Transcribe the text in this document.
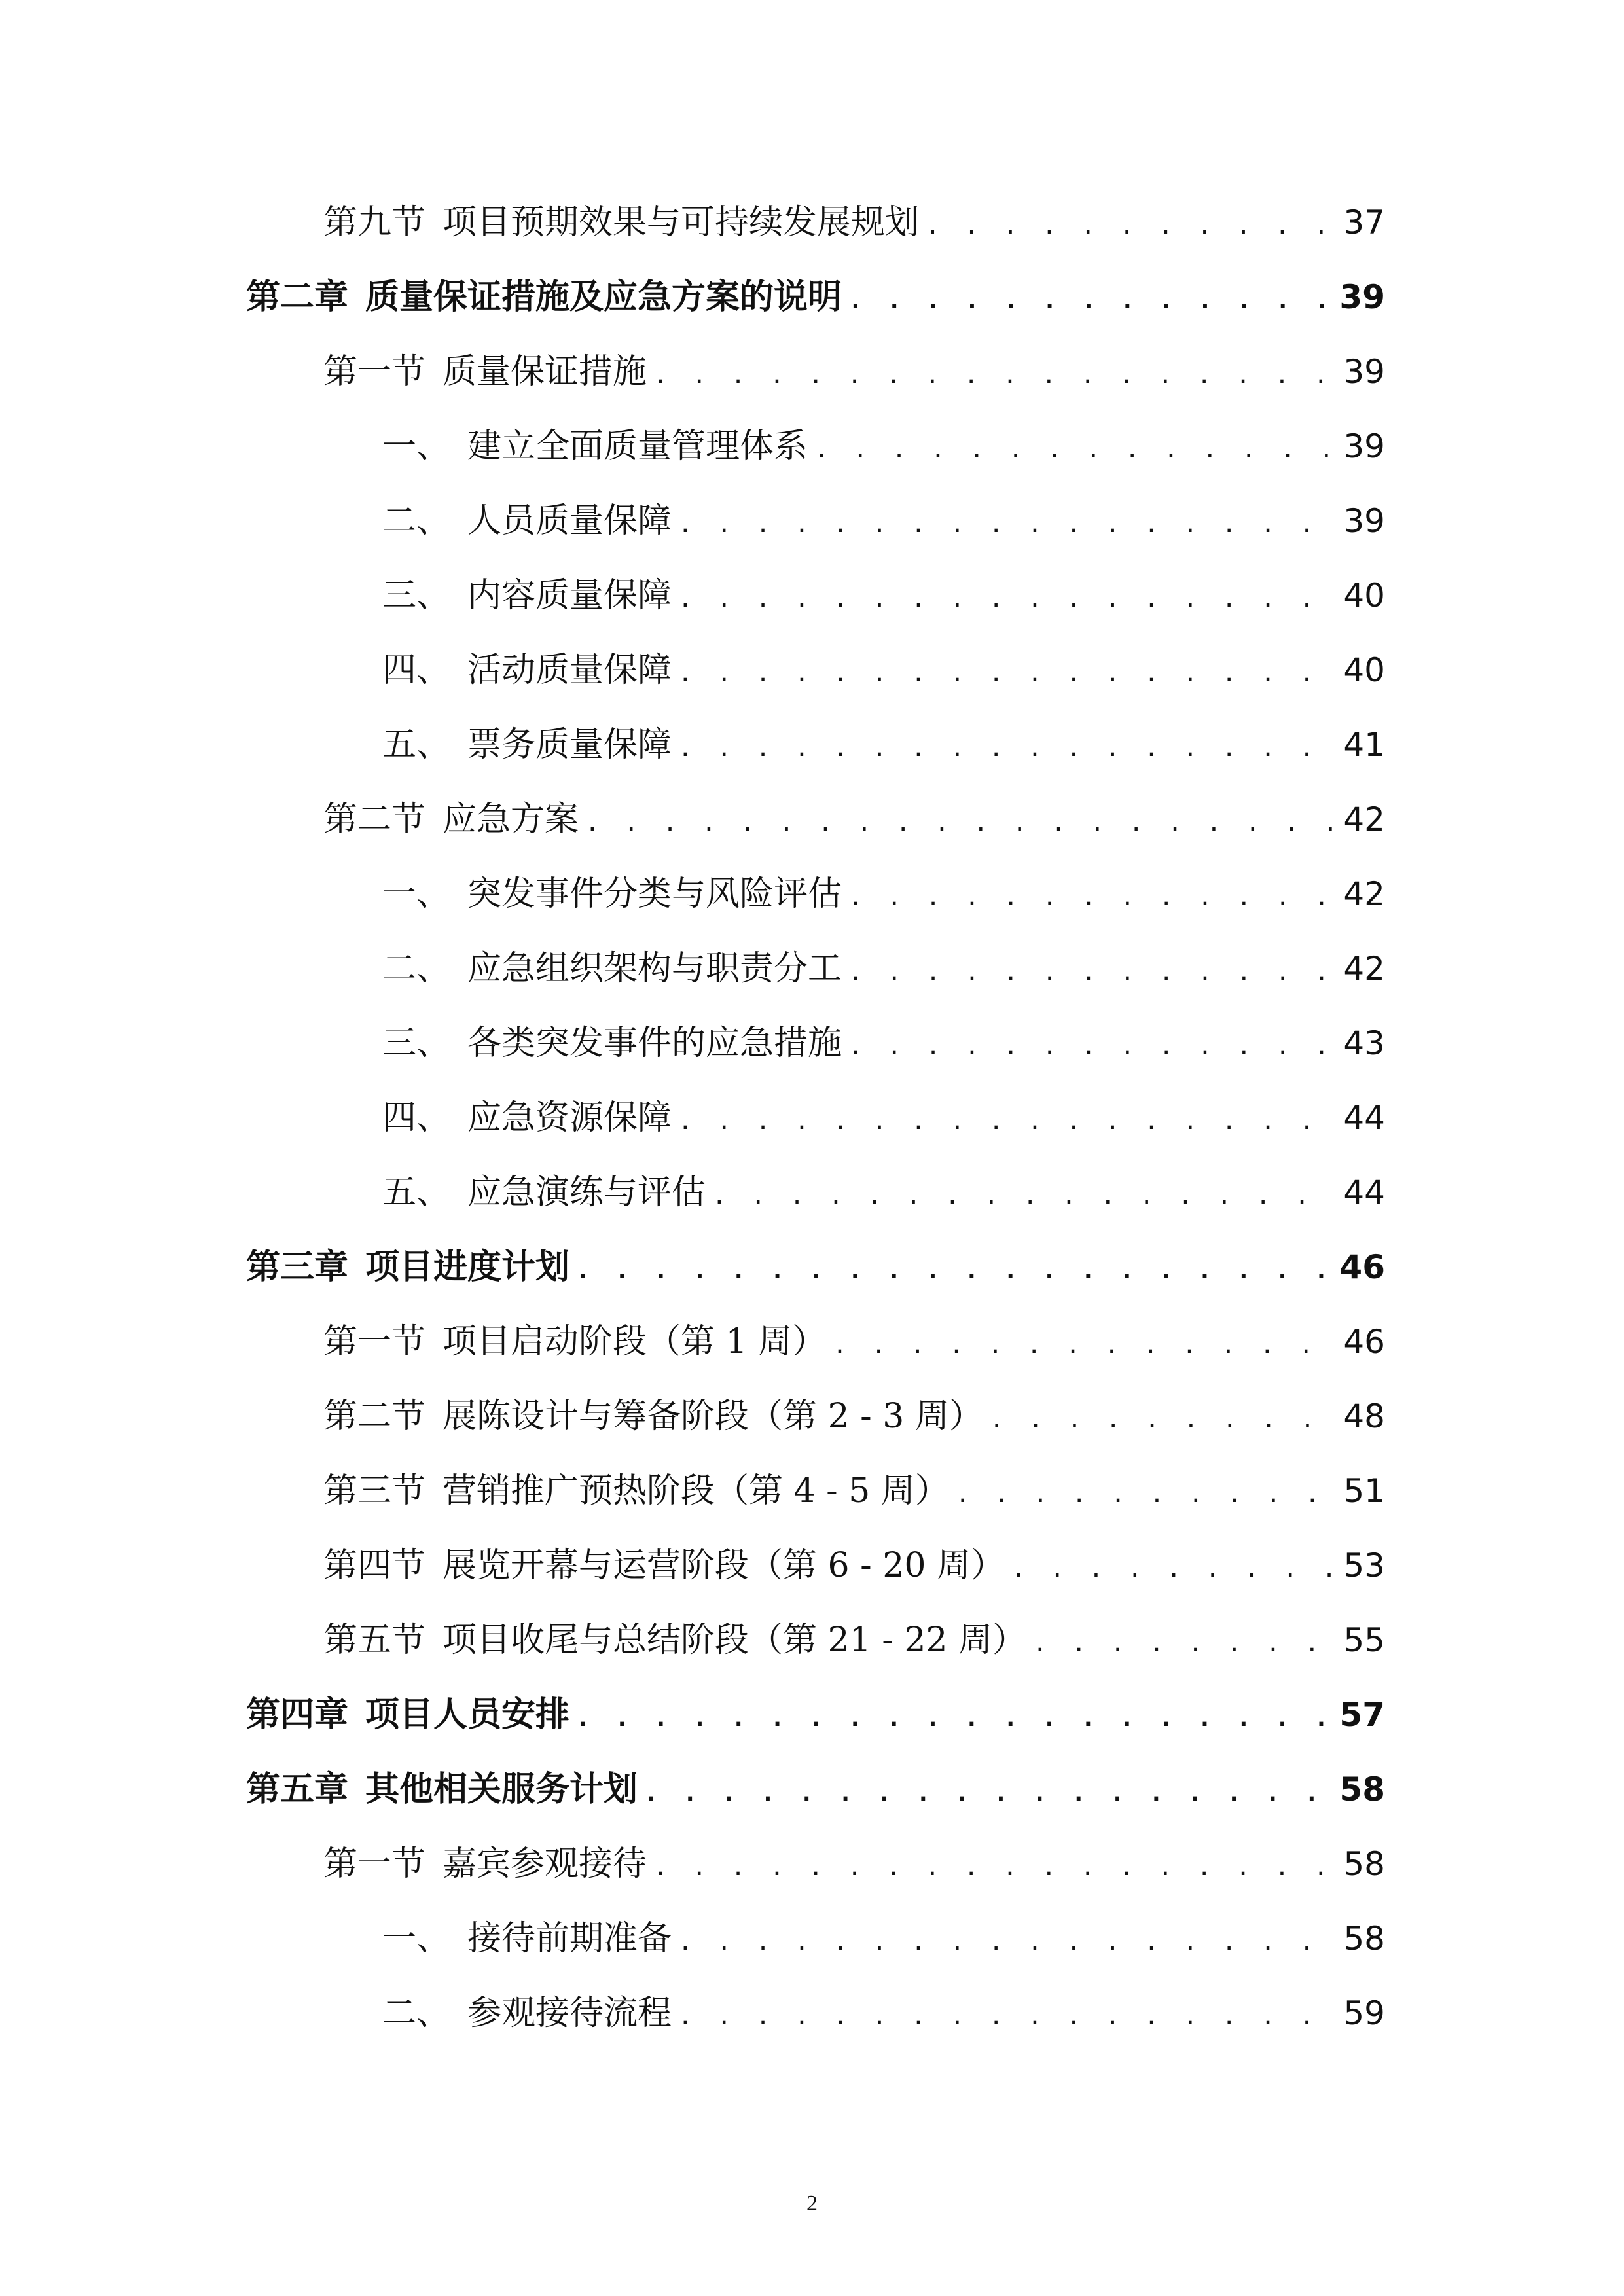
第九节 项目预期效果与可持续发展规划 . . .	37
第二章 质量保证措施及应急方案的说明 . . .	39
第一节 质量保证措施 . . .	39
一、 建立全面质量管理体系 . . .	39
二、 人员质量保障 . . .	39
三、 内容质量保障 . . .	40
四、 活动质量保障 . . .	40
五、 票务质量保障 . . .	41
第二节 应急方案 . . .	42
一、 突发事件分类与风险评估 . . .	42
二、 应急组织架构与职责分工 . . .	42
三、 各类突发事件的应急措施 . . .	43
四、 应急资源保障 . . .	44
五、 应急演练与评估 . . .	44
第三章 项目进度计划 . . .	46
第一节 项目启动阶段（第 1 周） . . .	46
第二节 展陈设计与筹备阶段（第 2 - 3 周） . . .	48
第三节 营销推广预热阶段（第 4 - 5 周） . . .	51
第四节 展览开幕与运营阶段（第 6 - 20 周） . . .	53
第五节 项目收尾与总结阶段（第 21 - 22 周） . . .	55
第四章 项目人员安排 . . .	57
第五章 其他相关服务计划 . . .	58
第一节 嘉宾参观接待 . . .	58
一、 接待前期准备 . . .	58
二、 参观接待流程 . . .	59
2
